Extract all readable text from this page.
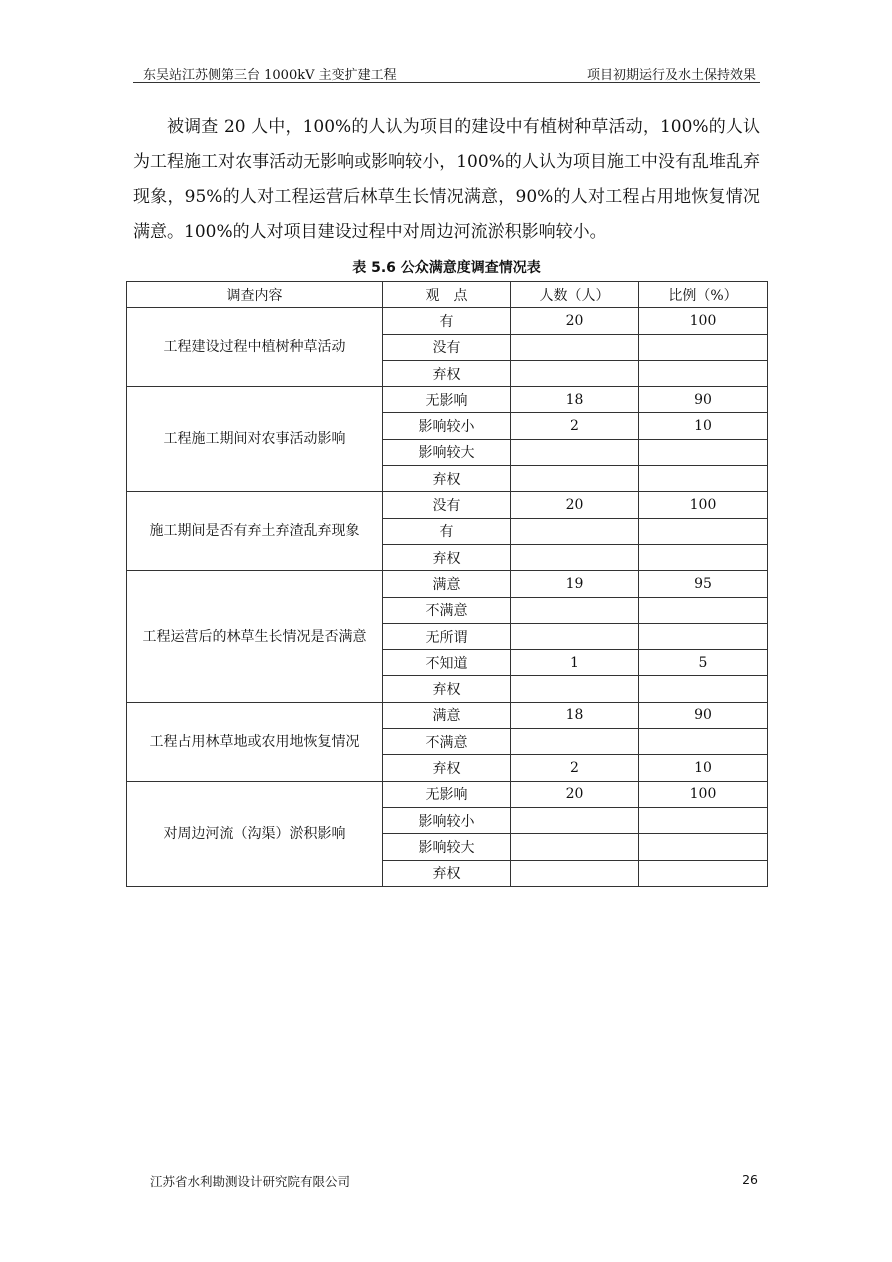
东吴站江苏侧第三台 1000kV 主变扩建工程	项目初期运行及水土保持效果

被调查 20 人中，100%的人认为项目的建设中有植树种草活动，100%的人认为工程施工对农事活动无影响或影响较小，100%的人认为项目施工中没有乱堆乱弃现象，95%的人对工程运营后林草生长情况满意，90%的人对工程占用地恢复情况满意。100%的人对项目建设过程中对周边河流淤积影响较小。

表 5.6 公众满意度调查情况表
调查内容	观　点	人数（人）	比例（%）
工程建设过程中植树种草活动	有	20	100
	没有		
	弃权		
工程施工期间对农事活动影响	无影响	18	90
	影响较小	2	10
	影响较大		
	弃权		
施工期间是否有弃土弃渣乱弃现象	没有	20	100
	有		
	弃权		
工程运营后的林草生长情况是否满意	满意	19	95
	不满意		
	无所谓		
	不知道	1	5
	弃权		
工程占用林草地或农用地恢复情况	满意	18	90
	不满意		
	弃权	2	10
对周边河流（沟渠）淤积影响	无影响	20	100
	影响较小		
	影响较大		
	弃权		
江苏省水利勘测设计研究院有限公司	26
